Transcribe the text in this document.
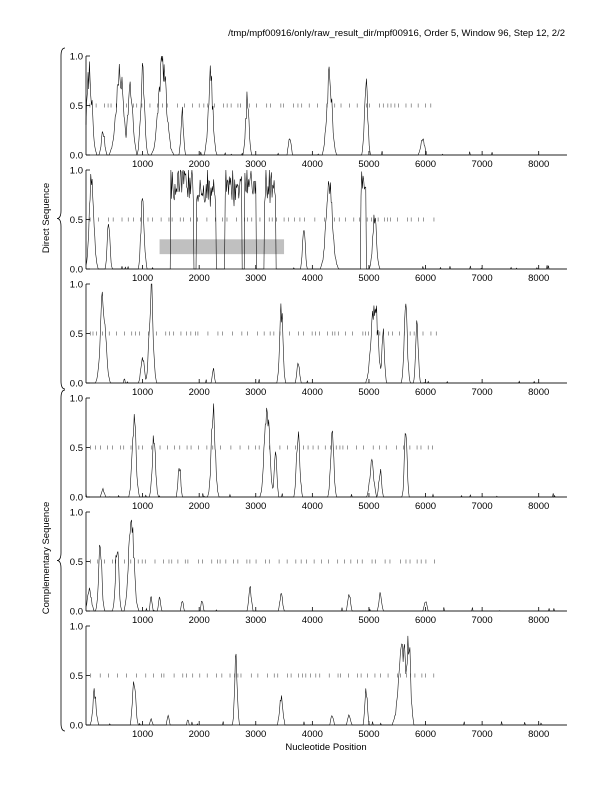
/tmp/mpf00916/only/raw_result_dir/mpf00916, Order 5, Window 96, Step 12, 2/2
0.0
0.5
1.0
1000	2000	3000	4000	5000	6000	7000	8000
0.0
0.5
1.0
1000	2000	3000	4000	5000	6000	7000	8000
0.0
0.5
1.0
1000	2000	3000	4000	5000	6000	7000	8000
0.0
0.5
1.0
1000	2000	3000	4000	5000	6000	7000	8000
0.0
0.5
1.0
1000	2000	3000	4000	5000	6000	7000	8000
0.0
0.5
1.0
1000	2000	3000	4000	5000	6000	7000	8000
Direct Sequence
Complementary Sequence
Nucleotide Position
